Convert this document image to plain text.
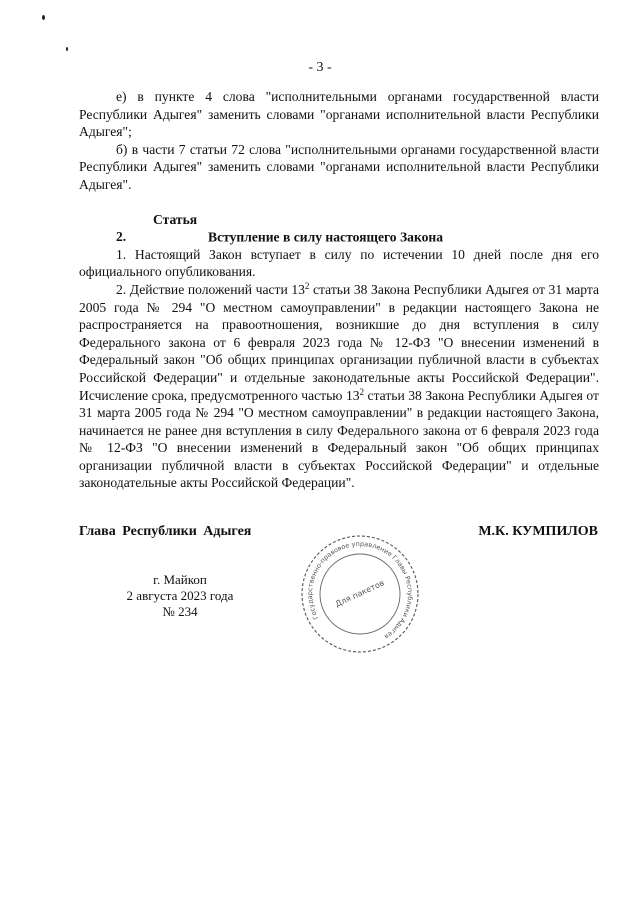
- 3 -

е) в пункте 4 слова "исполнительными органами государственной власти Республики Адыгея" заменить словами "органами исполнительной власти Республики Адыгея";

б) в части 7 статьи 72 слова "исполнительными органами государственной власти Республики Адыгея" заменить словами "органами исполнительной власти Республики Адыгея".

Статья 2.	Вступление в силу настоящего Закона

1. Настоящий Закон вступает в силу по истечении 10 дней после дня его официального опубликования.

2. Действие положений части $13^2$ статьи 38 Закона Республики Адыгея от 31 марта 2005 года № 294 "О местном самоуправлении" в редакции настоящего Закона не распространяется на правоотношения, возникшие до дня вступления в силу Федерального закона от 6 февраля 2023 года № 12-ФЗ "О внесении изменений в Федеральный закон "Об общих принципах организации публичной власти в субъектах Российской Федерации" и отдельные законодательные акты Российской Федерации". Исчисление срока, предусмотренного частью $13^2$ статьи 38 Закона Республики Адыгея от 31 марта 2005 года № 294 "О местном самоуправлении" в редакции настоящего Закона, начинается не ранее дня вступления в силу Федерального закона от 6 февраля 2023 года № 12-ФЗ "О внесении изменений в Федеральный закон "Об общих принципах организации публичной власти в субъектах Российской Федерации" и отдельные законодательные акты Российской Федерации".

Глава Республики Адыгея	М.К. КУМПИЛОВ
г. Майкоп
2 августа 2023 года
№ 234	Государственно-правовое управление Главы Республики Адыгея
Для пакетов
